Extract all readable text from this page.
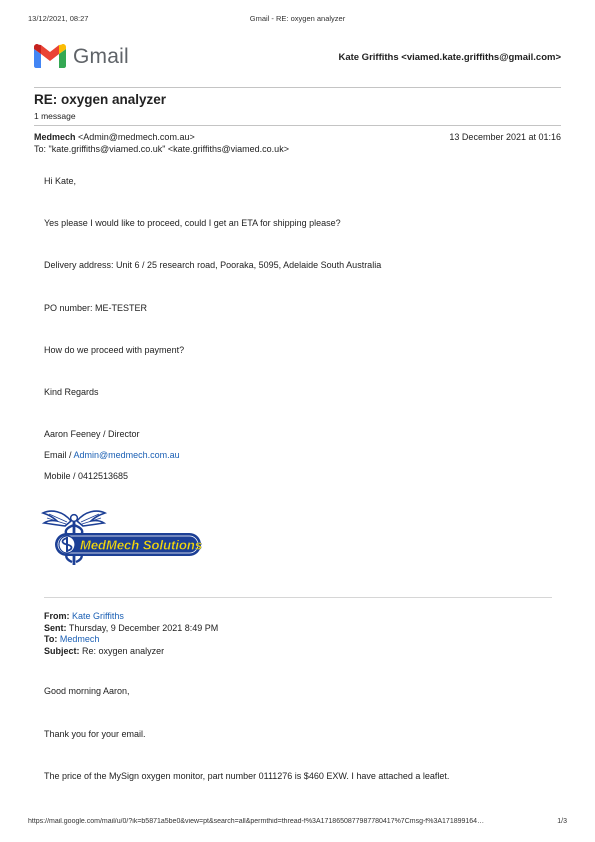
13/12/2021, 08:27	Gmail - RE: oxygen analyzer
Gmail	Kate Griffiths <viamed.kate.griffiths@gmail.com>
RE: oxygen analyzer
1 message
Medmech <Admin@medmech.com.au>	13 December 2021 at 01:16
To: "kate.griffiths@viamed.co.uk" <kate.griffiths@viamed.co.uk>

Hi Kate,

Yes please I would like to proceed, could I get an ETA for shipping please?

Delivery address: Unit 6 / 25 research road, Pooraka, 5095, Adelaide South Australia

PO number: ME-TESTER

How do we proceed with payment?

Kind Regards

Aaron Feeney / Director

Email / Admin@medmech.com.au

Mobile / 0412513685

MedMech Solutions
From: Kate Griffiths
Sent: Thursday, 9 December 2021 8:49 PM
To: Medmech
Subject: Re: oxygen analyzer

Good morning Aaron,

Thank you for your email.

The price of the MySign oxygen monitor, part number 0111276 is $460 EXW. I have attached a leaflet.

https://mail.google.com/mail/u/0/?ik=b5871a5be0&view=pt&search=all&permthid=thread-f%3A1718650877987780417%7Cmsg-f%3A171899164…	1/3
